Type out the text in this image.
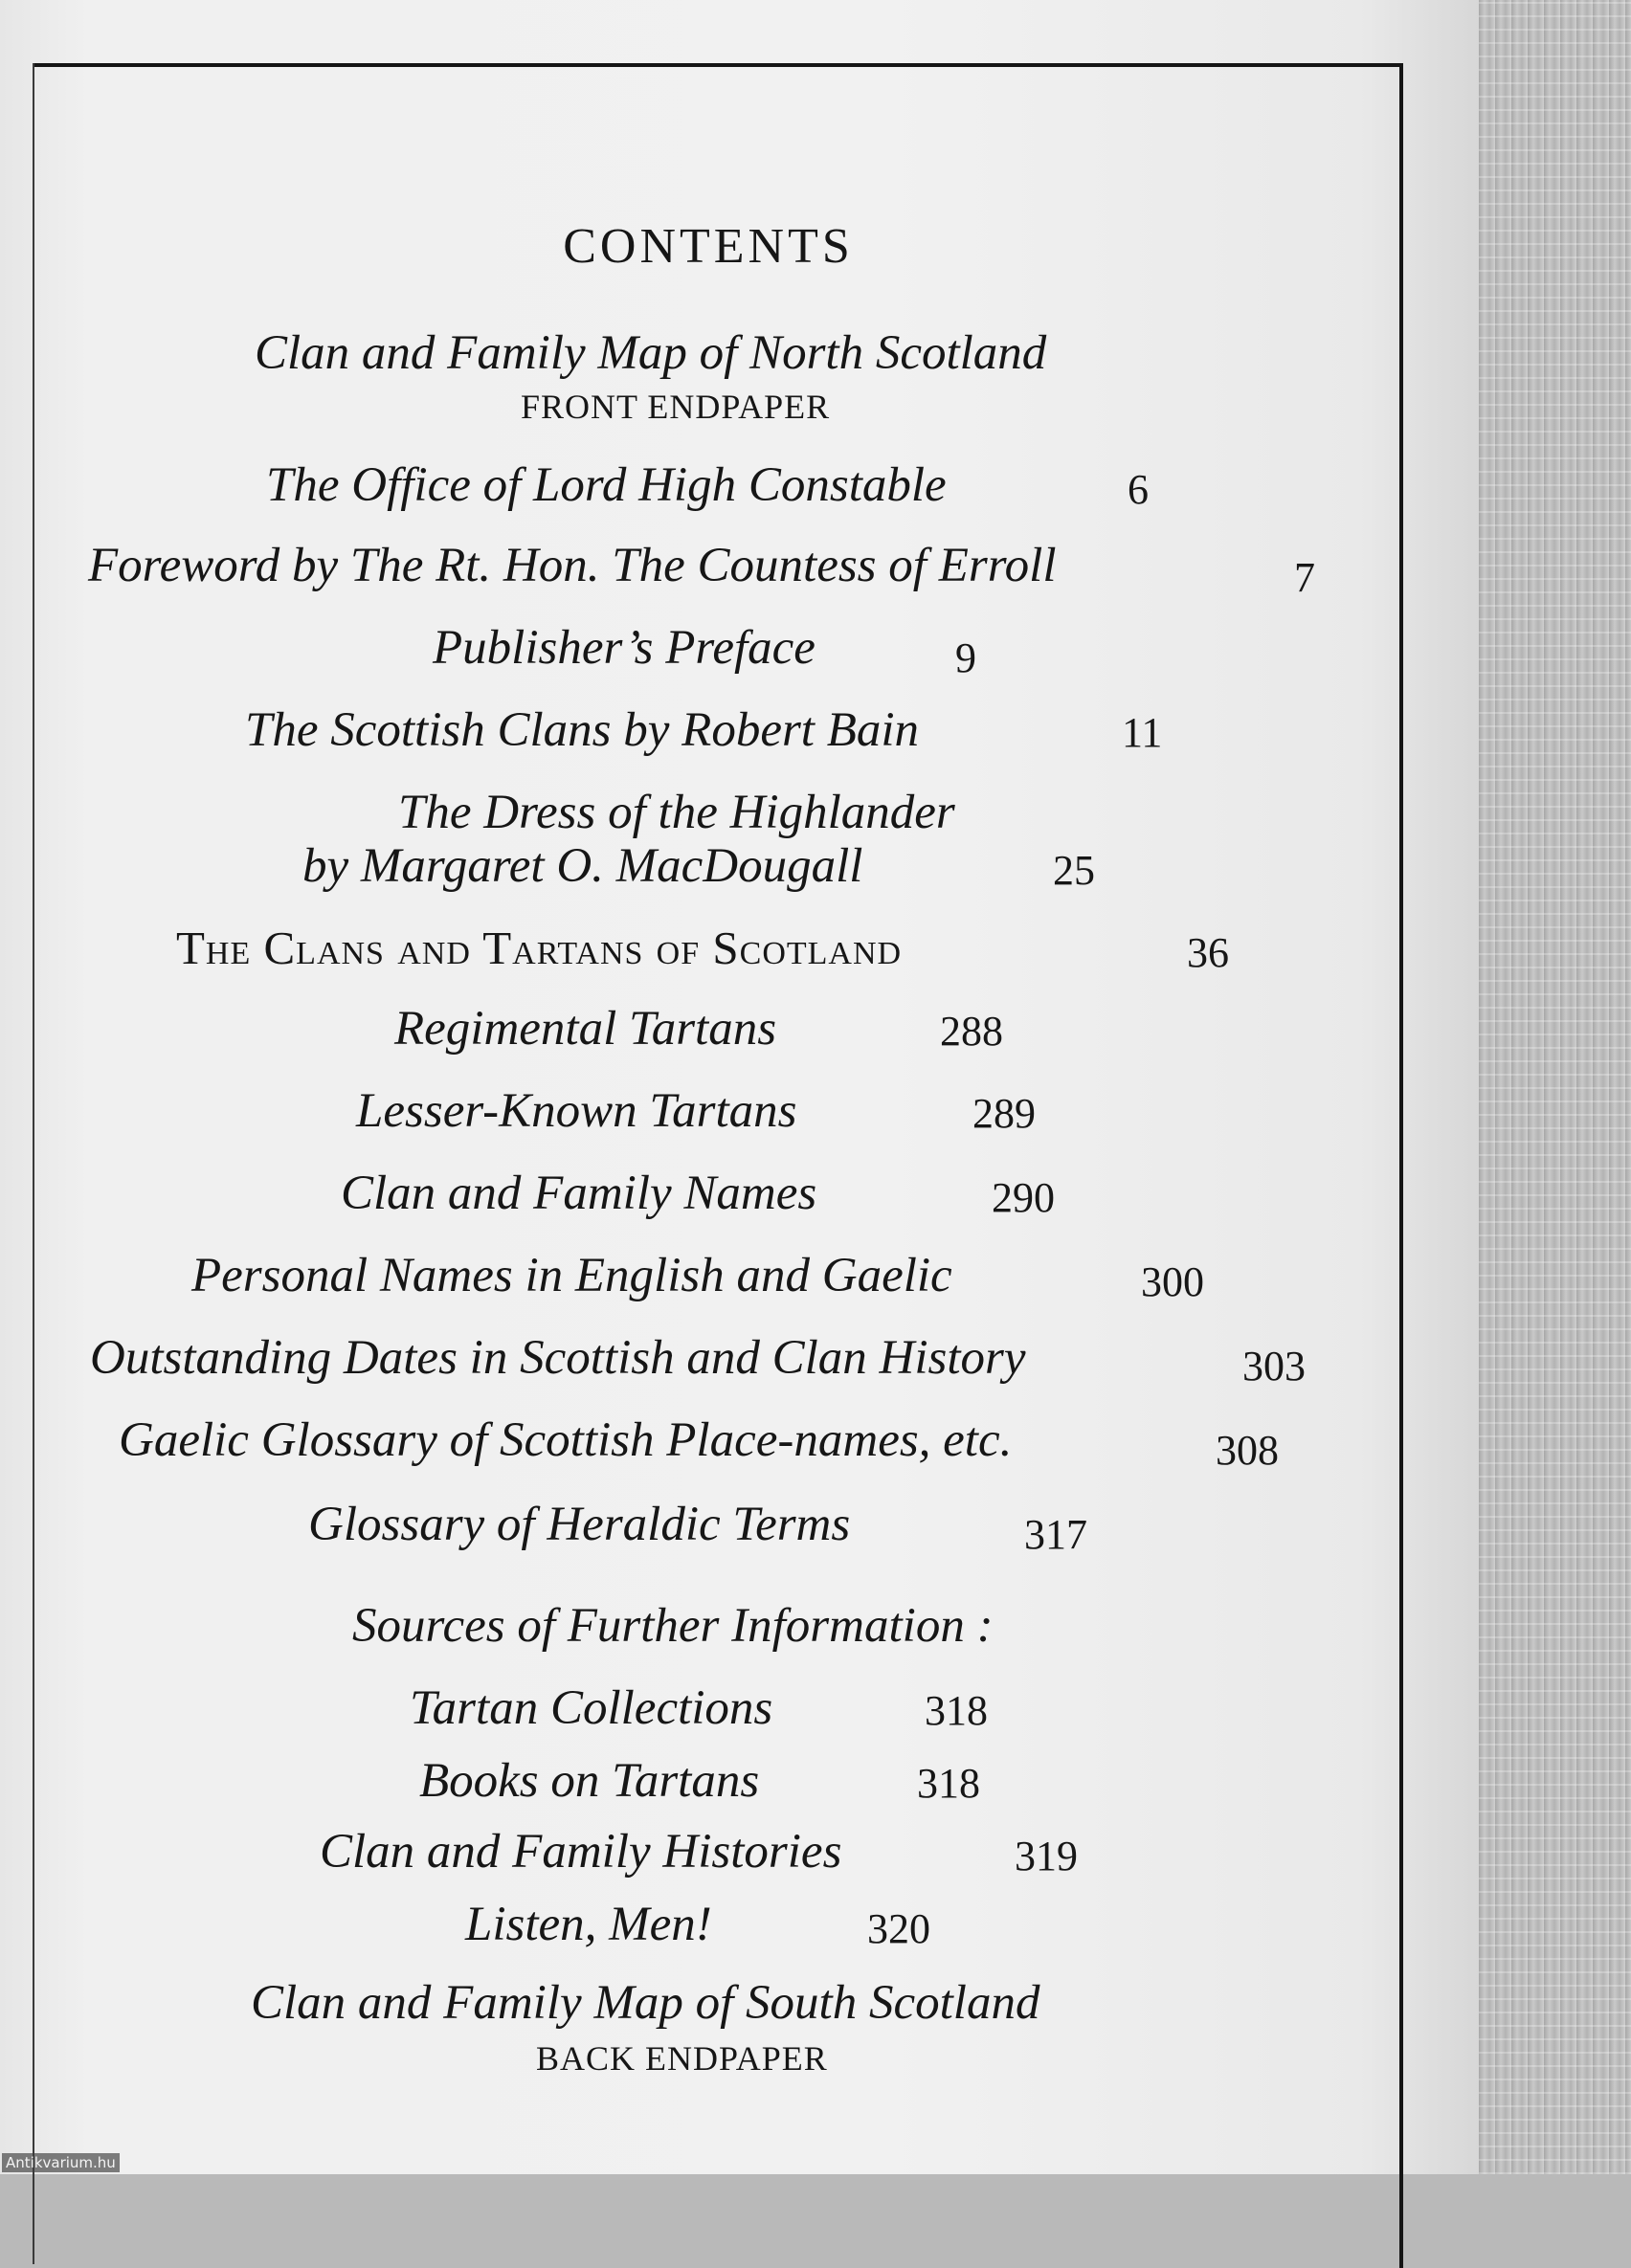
CONTENTS
Clan and Family Map of North Scotland
FRONT ENDPAPER
The Office of Lord High Constable	6
Foreword by The Rt. Hon. The Countess of Erroll	7
Publisher’s Preface	9
The Scottish Clans by Robert Bain	11
The Dress of the Highlander
by Margaret O. MacDougall	25
The Clans and Tartans of Scotland	36
Regimental Tartans	288
Lesser-Known Tartans	289
Clan and Family Names	290
Personal Names in English and Gaelic	300
Outstanding Dates in Scottish and Clan History	303
Gaelic Glossary of Scottish Place-names, etc.	308
Glossary of Heraldic Terms	317
Sources of Further Information :
Tartan Collections	318
Books on Tartans	318
Clan and Family Histories	319
Listen, Men!	320
Clan and Family Map of South Scotland
BACK ENDPAPER
Antikvarium.hu
